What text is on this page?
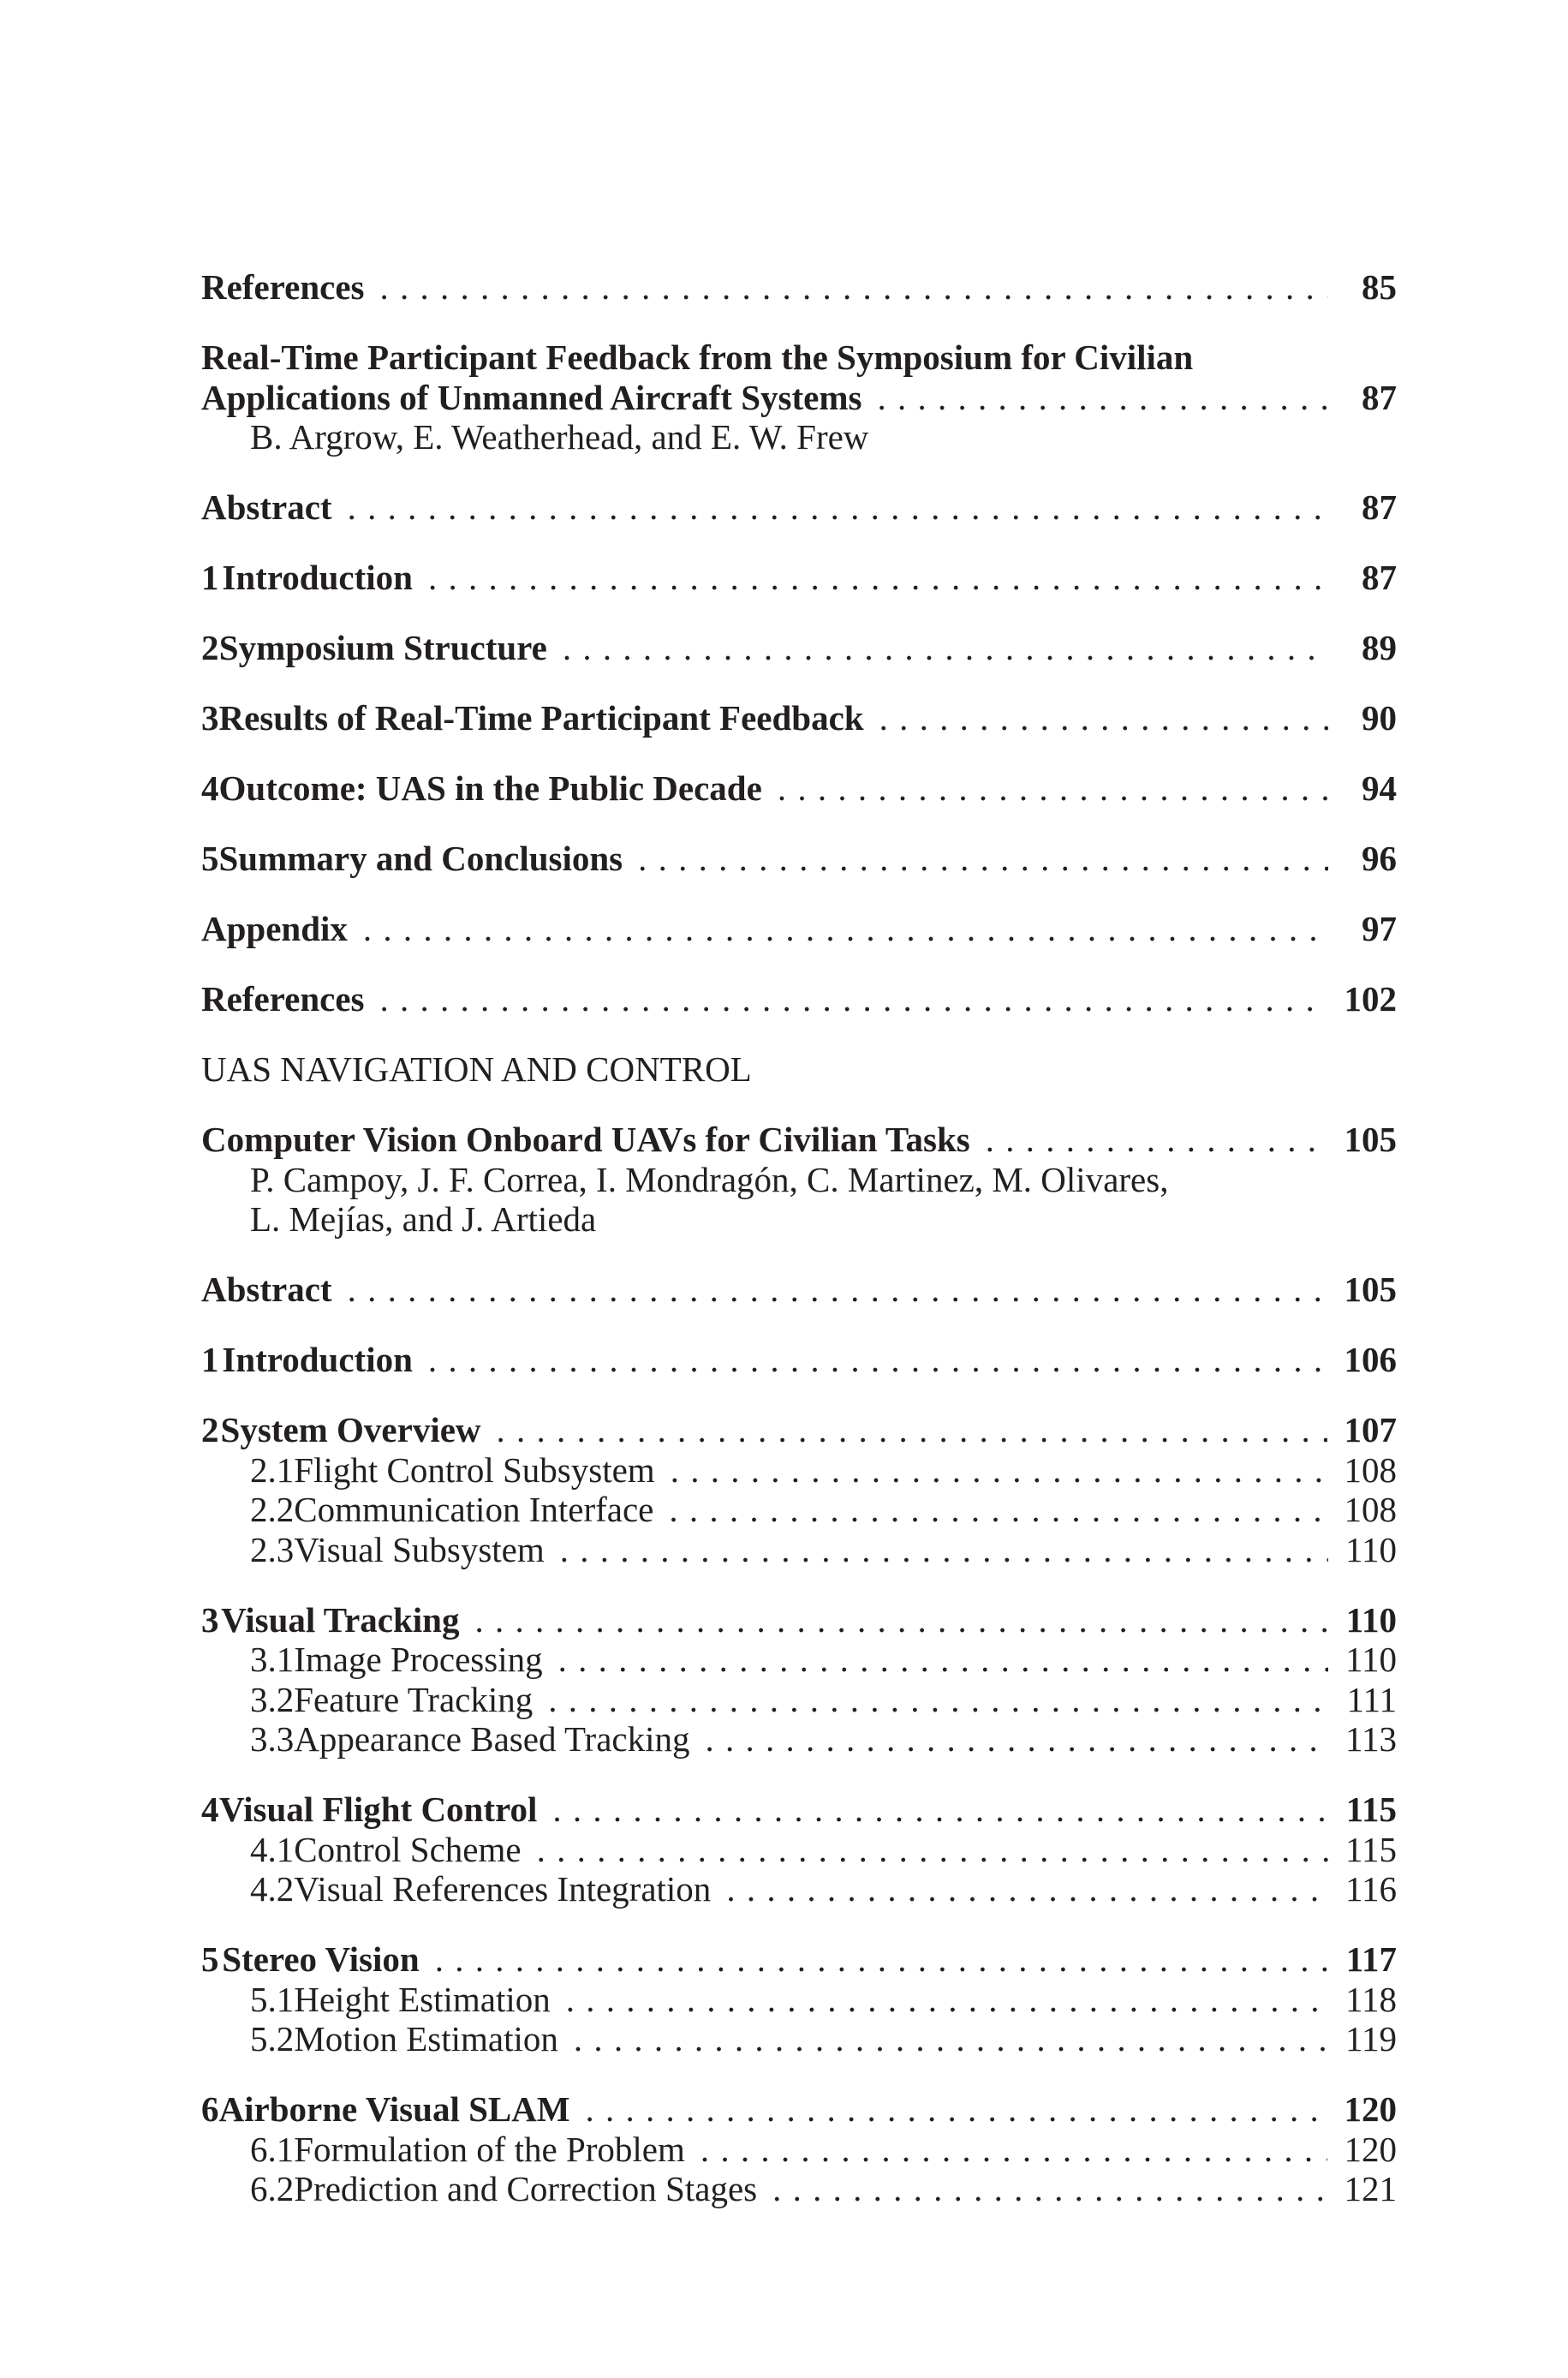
References . . .	85
Real-Time Participant Feedback from the Symposium for Civilian
Applications of Unmanned Aircraft Systems . . .	87
B. Argrow, E. Weatherhead, and E. W. Frew
Abstract . . .	87
1 Introduction . . .	87
2 Symposium Structure . . .	89
3 Results of Real-Time Participant Feedback . . .	90
4 Outcome: UAS in the Public Decade . . .	94
5 Summary and Conclusions . . .	96
Appendix . . .	97
References . . .	102
UAS NAVIGATION AND CONTROL
Computer Vision Onboard UAVs for Civilian Tasks . . .	105
P. Campoy, J. F. Correa, I. Mondragón, C. Martinez, M. Olivares,
L. Mejías, and J. Artieda
Abstract . . .	105
1 Introduction . . .	106
2 System Overview . . .	107
2.1 Flight Control Subsystem . . .	108
2.2 Communication Interface . . .	108
2.3 Visual Subsystem . . .	110
3 Visual Tracking . . .	110
3.1 Image Processing . . .	110
3.2 Feature Tracking . . .	111
3.3 Appearance Based Tracking . . .	113
4 Visual Flight Control . . .	115
4.1 Control Scheme . . .	115
4.2 Visual References Integration . . .	116
5 Stereo Vision . . .	117
5.1 Height Estimation . . .	118
5.2 Motion Estimation . . .	119
6 Airborne Visual SLAM . . .	120
6.1 Formulation of the Problem . . .	120
6.2 Prediction and Correction Stages . . .	121
